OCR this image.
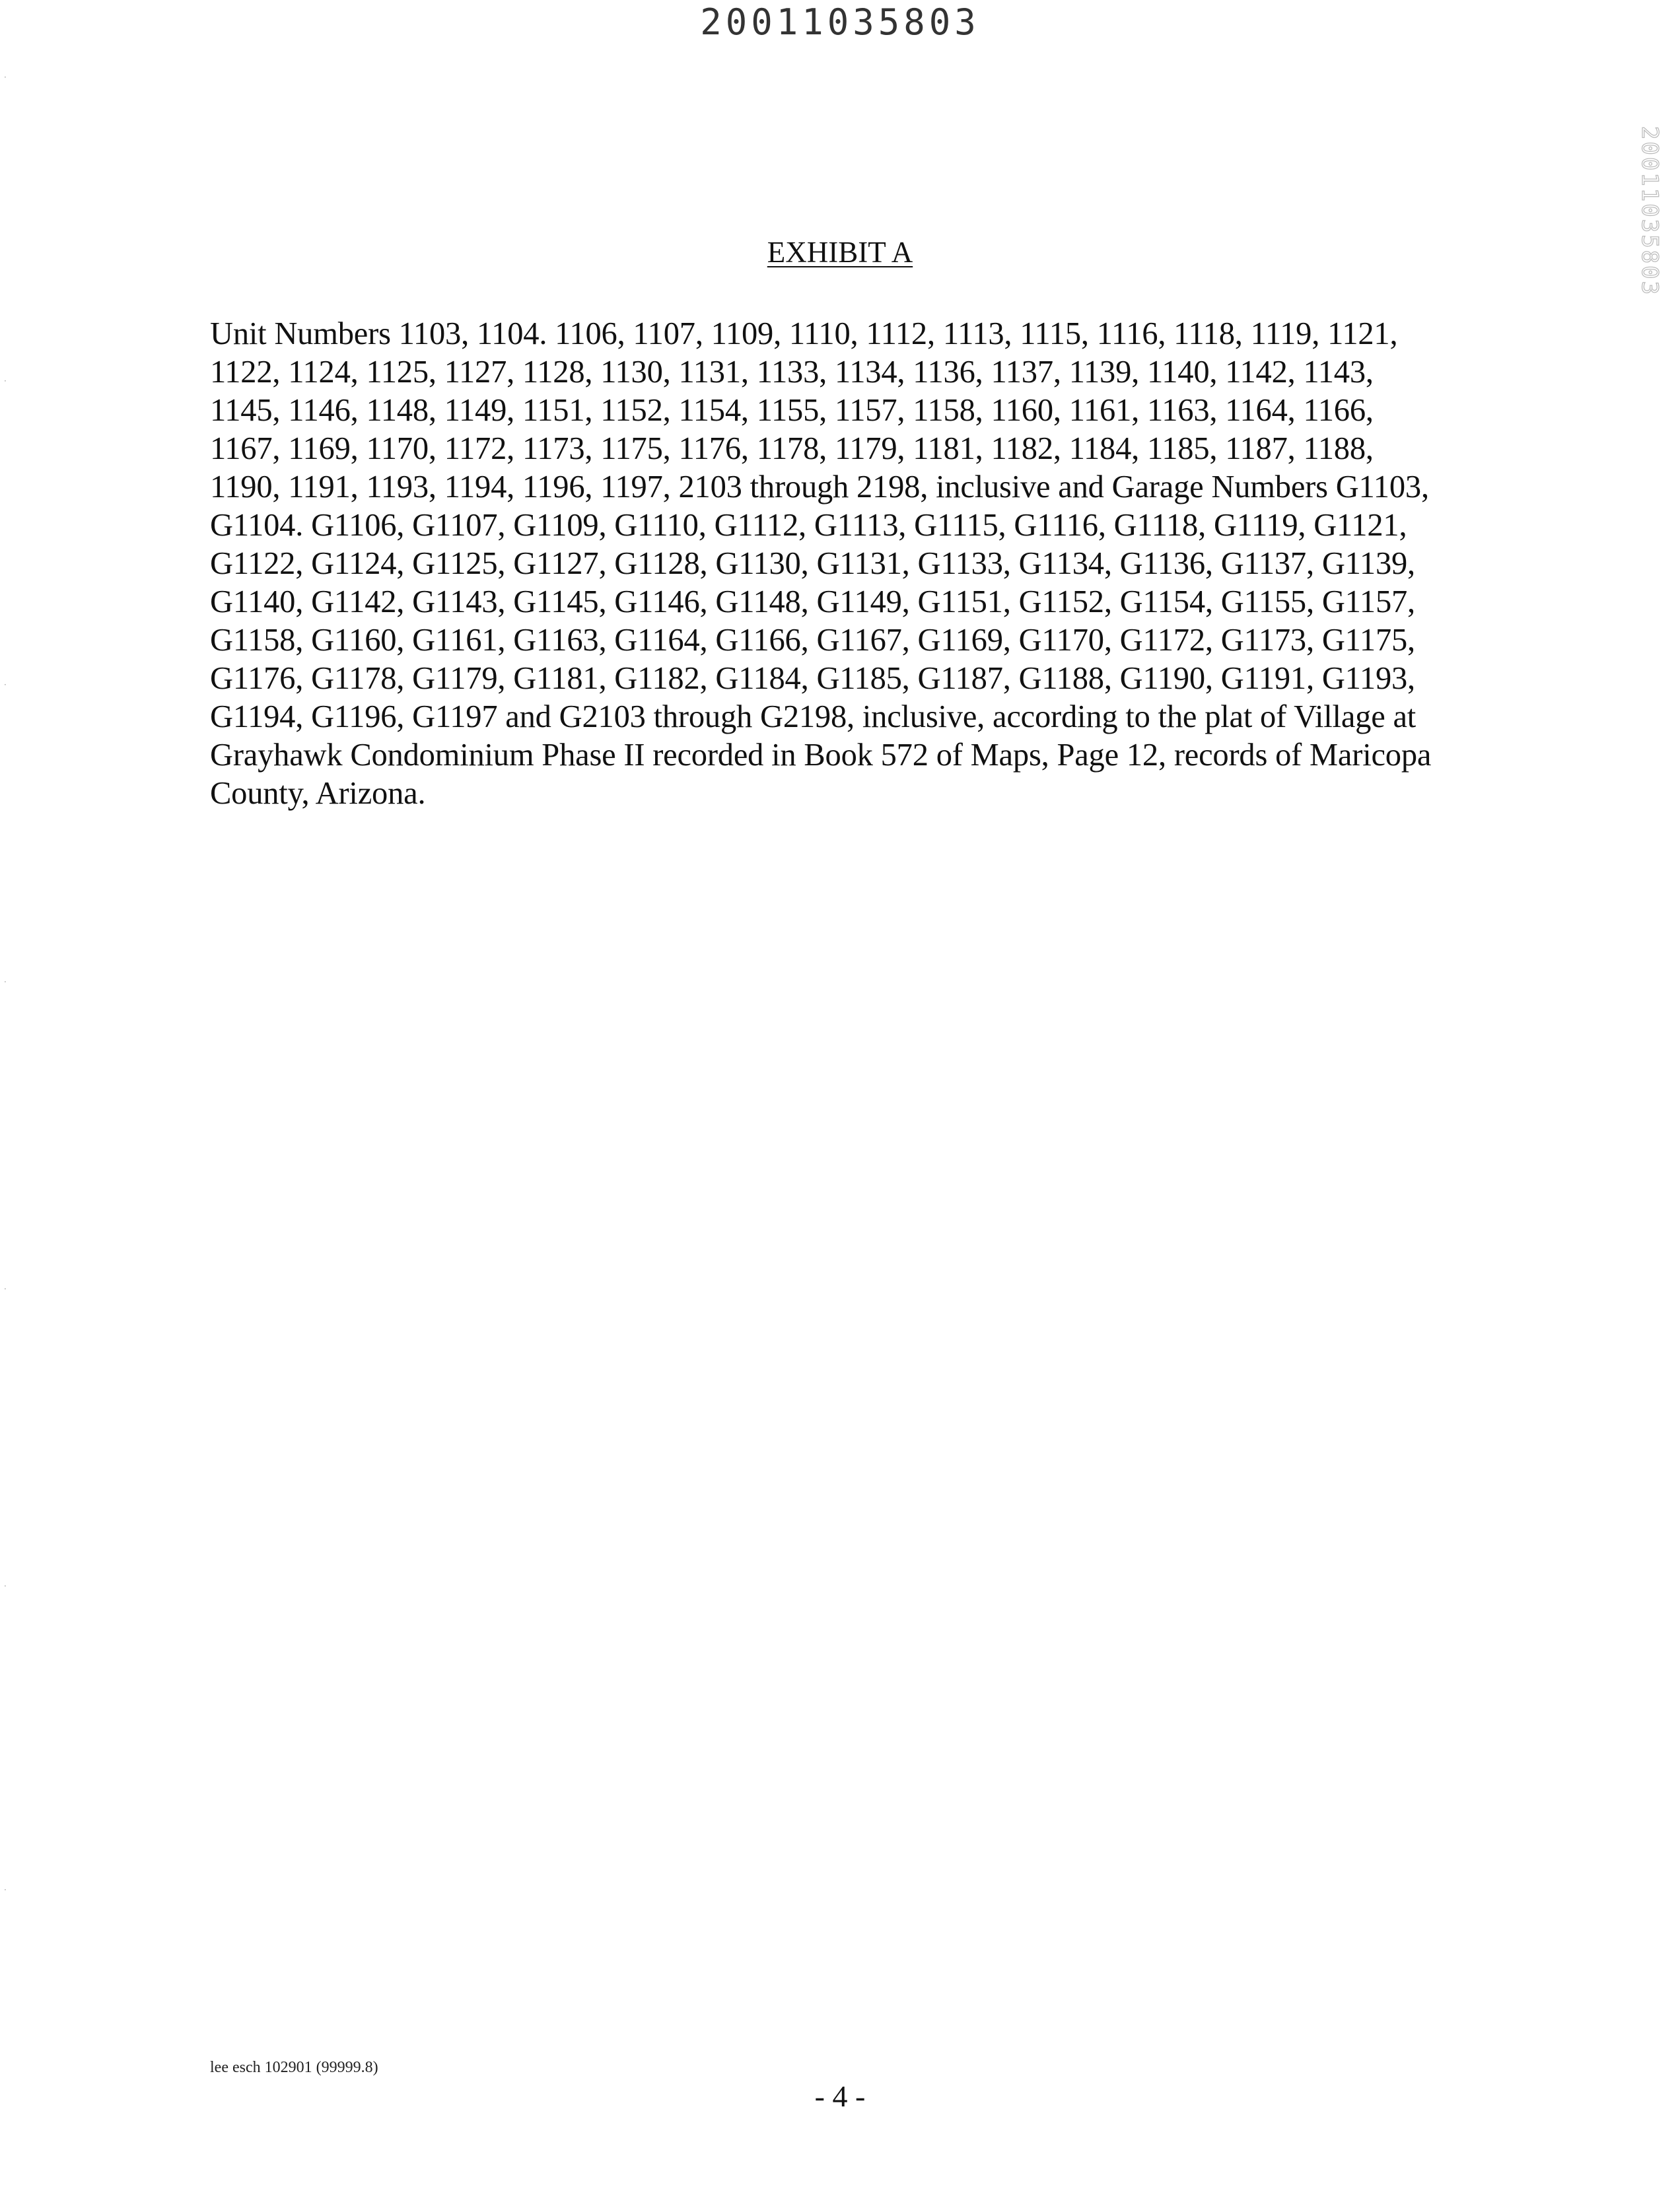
20011035803
20011035803
EXHIBIT A

Unit Numbers 1103, 1104. 1106, 1107, 1109, 1110, 1112, 1113, 1115, 1116, 1118, 1119, 1121,
1122, 1124, 1125, 1127, 1128, 1130, 1131, 1133, 1134, 1136, 1137, 1139, 1140, 1142, 1143,
1145, 1146, 1148, 1149, 1151, 1152, 1154, 1155, 1157, 1158, 1160, 1161, 1163, 1164, 1166,
1167, 1169, 1170, 1172, 1173, 1175, 1176, 1178, 1179, 1181, 1182, 1184, 1185, 1187, 1188,
1190, 1191, 1193, 1194, 1196, 1197, 2103 through 2198, inclusive and Garage Numbers G1103,
G1104. G1106, G1107, G1109, G1110, G1112, G1113, G1115, G1116, G1118, G1119, G1121,
G1122, G1124, G1125, G1127, G1128, G1130, G1131, G1133, G1134, G1136, G1137, G1139,
G1140, G1142, G1143, G1145, G1146, G1148, G1149, G1151, G1152, G1154, G1155, G1157,
G1158, G1160, G1161, G1163, G1164, G1166, G1167, G1169, G1170, G1172, G1173, G1175,
G1176, G1178, G1179, G1181, G1182, G1184, G1185, G1187, G1188, G1190, G1191, G1193,
G1194, G1196, G1197 and G2103 through G2198, inclusive, according to the plat of Village at
Grayhawk Condominium Phase II recorded in Book 572 of Maps, Page 12, records of Maricopa
County, Arizona.

lee esch 102901 (99999.8)
- 4 -
·
·
·
·
·
·
·
